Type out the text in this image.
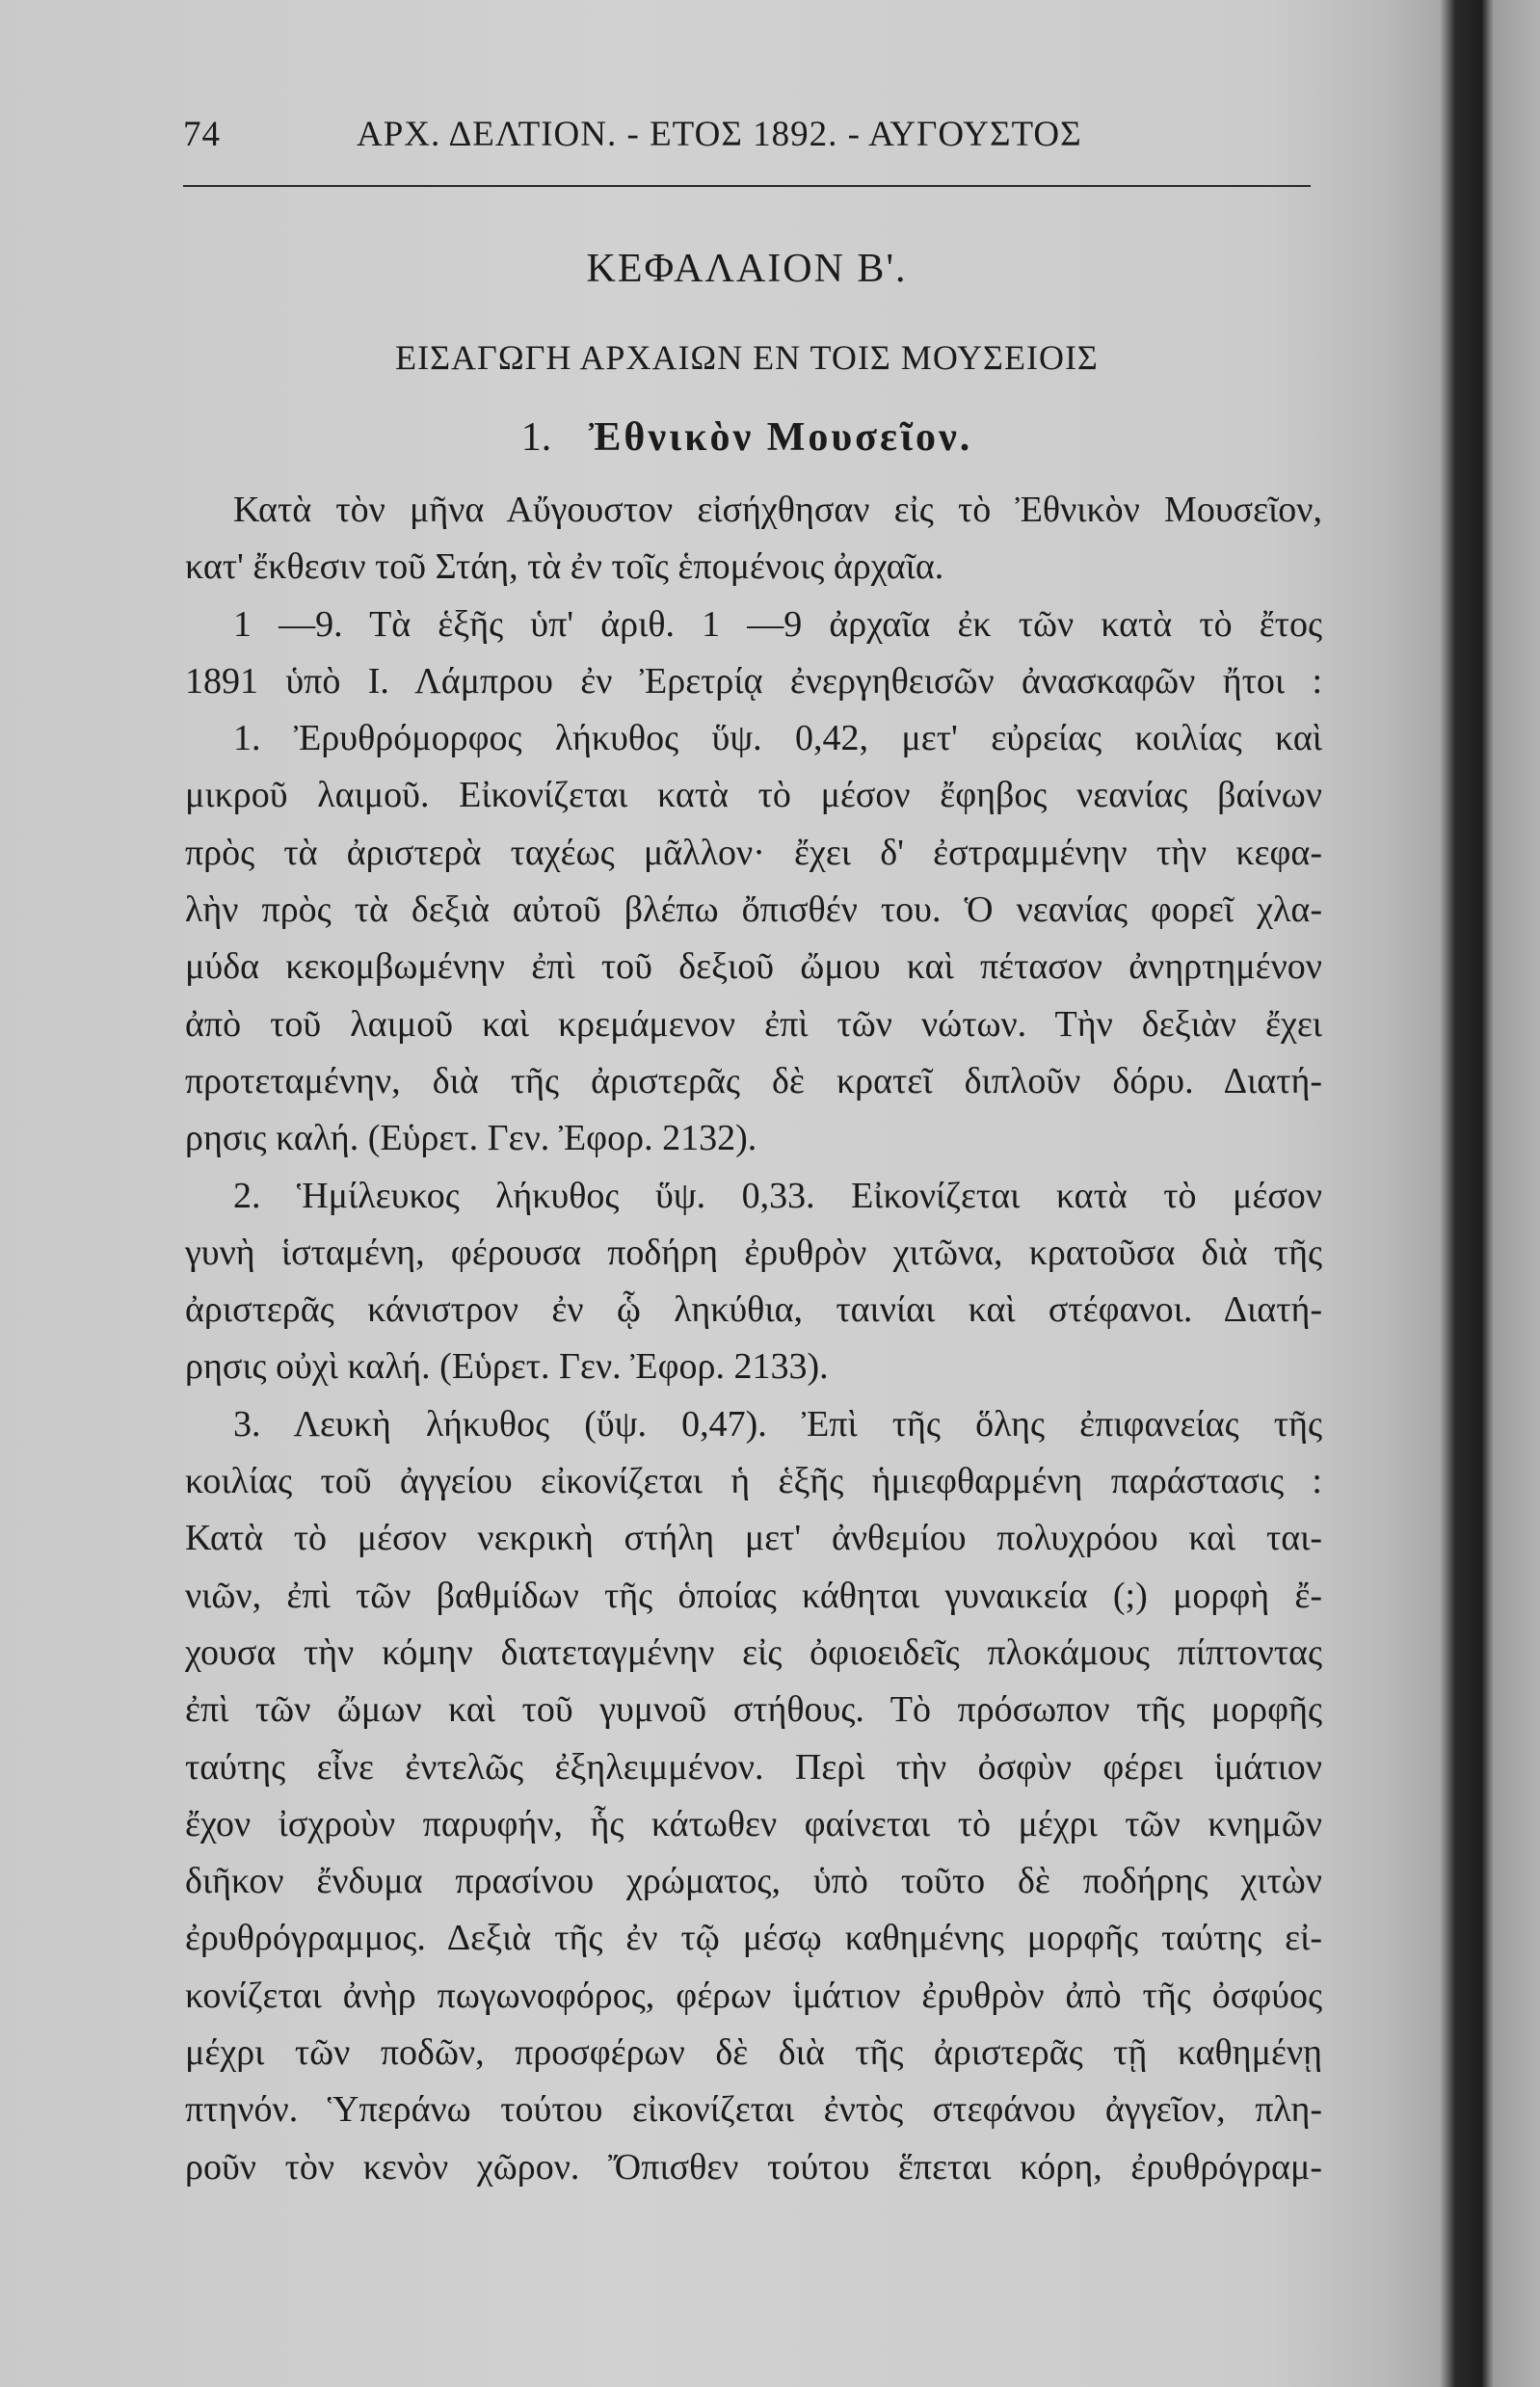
74	ΑΡΧ. ΔΕΛΤΙΟΝ. - ΕΤΟΣ 1892. - ΑΥΓΟΥΣΤΟΣ
ΚΕΦΑΛΑΙΟΝ Β'.
ΕΙΣΑΓΩΓΗ ΑΡΧΑΙΩΝ ΕΝ ΤΟΙΣ ΜΟΥΣΕΙΟΙΣ
1. Ἐθνικὸν Μουσεῖον.
Κατὰ τὸν μῆνα Αὔγουστον εἰσήχθησαν εἰς τὸ Ἐθνικὸν Μουσεῖον,
κατ' ἔκθεσιν τοῦ Στάη, τὰ ἐν τοῖς ἑπομένοις ἀρχαῖα.
1 —9. Τὰ ἑξῆς ὑπ' ἀριθ. 1 —9 ἀρχαῖα ἐκ τῶν κατὰ τὸ ἔτος
1891 ὑπὸ Ι. Λάμπρου ἐν Ἐρετρίᾳ ἐνεργηθεισῶν ἀνασκαφῶν ἤτοι :
1. Ἐρυθρόμορφος λήκυθος ὕψ. 0,42, μετ' εὐρείας κοιλίας καὶ
μικροῦ λαιμοῦ. Εἰκονίζεται κατὰ τὸ μέσον ἔφηβος νεανίας βαίνων
πρὸς τὰ ἀριστερὰ ταχέως μᾶλλον· ἔχει δ' ἐστραμμένην τὴν κεφα-
λὴν πρὸς τὰ δεξιὰ αὐτοῦ βλέπω ὄπισθέν του. Ὁ νεανίας φορεῖ χλα-
μύδα κεκομβωμένην ἐπὶ τοῦ δεξιοῦ ὤμου καὶ πέτασον ἀνηρτημένον
ἀπὸ τοῦ λαιμοῦ καὶ κρεμάμενον ἐπὶ τῶν νώτων. Τὴν δεξιὰν ἔχει
προτεταμένην, διὰ τῆς ἀριστερᾶς δὲ κρατεῖ διπλοῦν δόρυ. Διατή-
ρησις καλή. (Εὑρετ. Γεν. Ἐφορ. 2132).
2. Ἡμίλευκος λήκυθος ὕψ. 0,33. Εἰκονίζεται κατὰ τὸ μέσον
γυνὴ ἱσταμένη, φέρουσα ποδήρη ἐρυθρὸν χιτῶνα, κρατοῦσα διὰ τῆς
ἀριστερᾶς κάνιστρον ἐν ᾧ ληκύθια, ταινίαι καὶ στέφανοι. Διατή-
ρησις οὐχὶ καλή. (Εὑρετ. Γεν. Ἐφορ. 2133).
3. Λευκὴ λήκυθος (ὕψ. 0,47). Ἐπὶ τῆς ὅλης ἐπιφανείας τῆς
κοιλίας τοῦ ἀγγείου εἰκονίζεται ἡ ἑξῆς ἡμιεφθαρμένη παράστασις :
Κατὰ τὸ μέσον νεκρικὴ στήλη μετ' ἀνθεμίου πολυχρόου καὶ ται-
νιῶν, ἐπὶ τῶν βαθμίδων τῆς ὁποίας κάθηται γυναικεία (;) μορφὴ ἔ-
χουσα τὴν κόμην διατεταγμένην εἰς ὀφιοειδεῖς πλοκάμους πίπτοντας
ἐπὶ τῶν ὤμων καὶ τοῦ γυμνοῦ στήθους. Τὸ πρόσωπον τῆς μορφῆς
ταύτης εἶνε ἐντελῶς ἐξηλειμμένον. Περὶ τὴν ὀσφὺν φέρει ἱμάτιον
ἔχον ἰσχροὺν παρυφήν, ἧς κάτωθεν φαίνεται τὸ μέχρι τῶν κνημῶν
διῆκον ἔνδυμα πρασίνου χρώματος, ὑπὸ τοῦτο δὲ ποδήρης χιτὼν
ἐρυθρόγραμμος. Δεξιὰ τῆς ἐν τῷ μέσῳ καθημένης μορφῆς ταύτης εἰ-
κονίζεται ἀνὴρ πωγωνοφόρος, φέρων ἱμάτιον ἐρυθρὸν ἀπὸ τῆς ὀσφύος
μέχρι τῶν ποδῶν, προσφέρων δὲ διὰ τῆς ἀριστερᾶς τῇ καθημένῃ
πτηνόν. Ὑπεράνω τούτου εἰκονίζεται ἐντὸς στεφάνου ἀγγεῖον, πλη-
ροῦν τὸν κενὸν χῶρον. Ὄπισθεν τούτου ἕπεται κόρη, ἐρυθρόγραμ-
